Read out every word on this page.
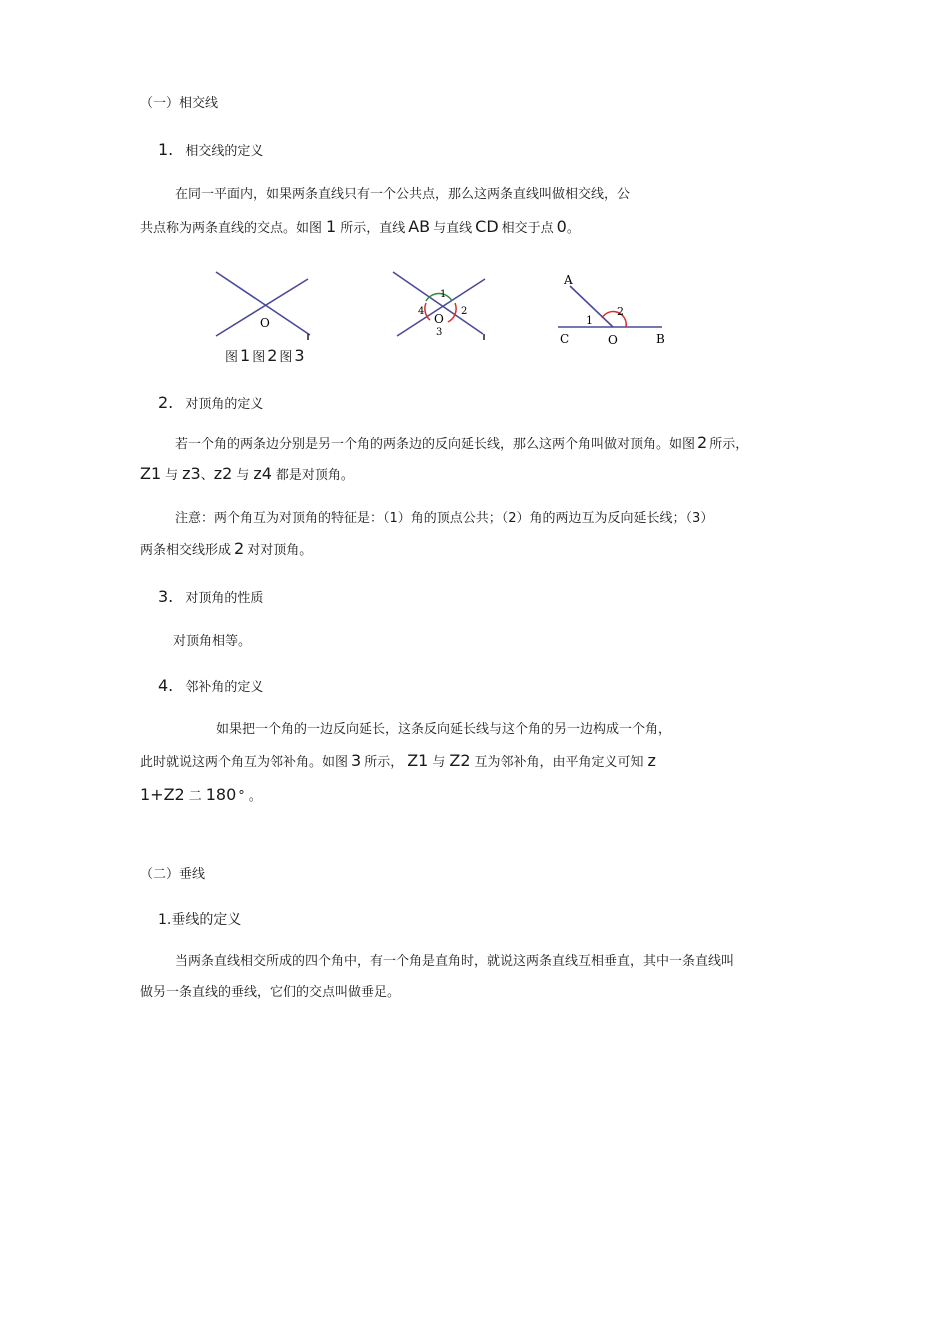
（一）相交线
1. 相交线的定义
在同一平面内，如果两条直线只有一个公共点，那么这两条直线叫做相交线，公
共点称为两条直线的交点。如图 1 所示，直线 AB 与直线 CD 相交于点 0。
O
1
2
3
4
O
A
1
2
C	O	B
图 1 图 2 图 3
2. 对顶角的定义
若一个角的两条边分别是另一个角的两条边的反向延长线，那么这两个角叫做对顶角。如图 2 所示，
Z1 与 z3、z2 与 z4 都是对顶角。
注意：两个角互为对顶角的特征是：（1）角的顶点公共；（2）角的两边互为反向延长线；（3）
两条相交线形成 2 对对顶角。
3. 对顶角的性质
对顶角相等。
4. 邻补角的定义
如果把一个角的一边反向延长，这条反向延长线与这个角的另一边构成一个角，
此时就说这两个角互为邻补角。如图 3 所示， Z1 与 Z2 互为邻补角，由平角定义可知 z
1+Z2 二 180 ° 。
（二）垂线
1.垂线的定义
当两条直线相交所成的四个角中，有一个角是直角时，就说这两条直线互相垂直，其中一条直线叫
做另一条直线的垂线，它们的交点叫做垂足。
